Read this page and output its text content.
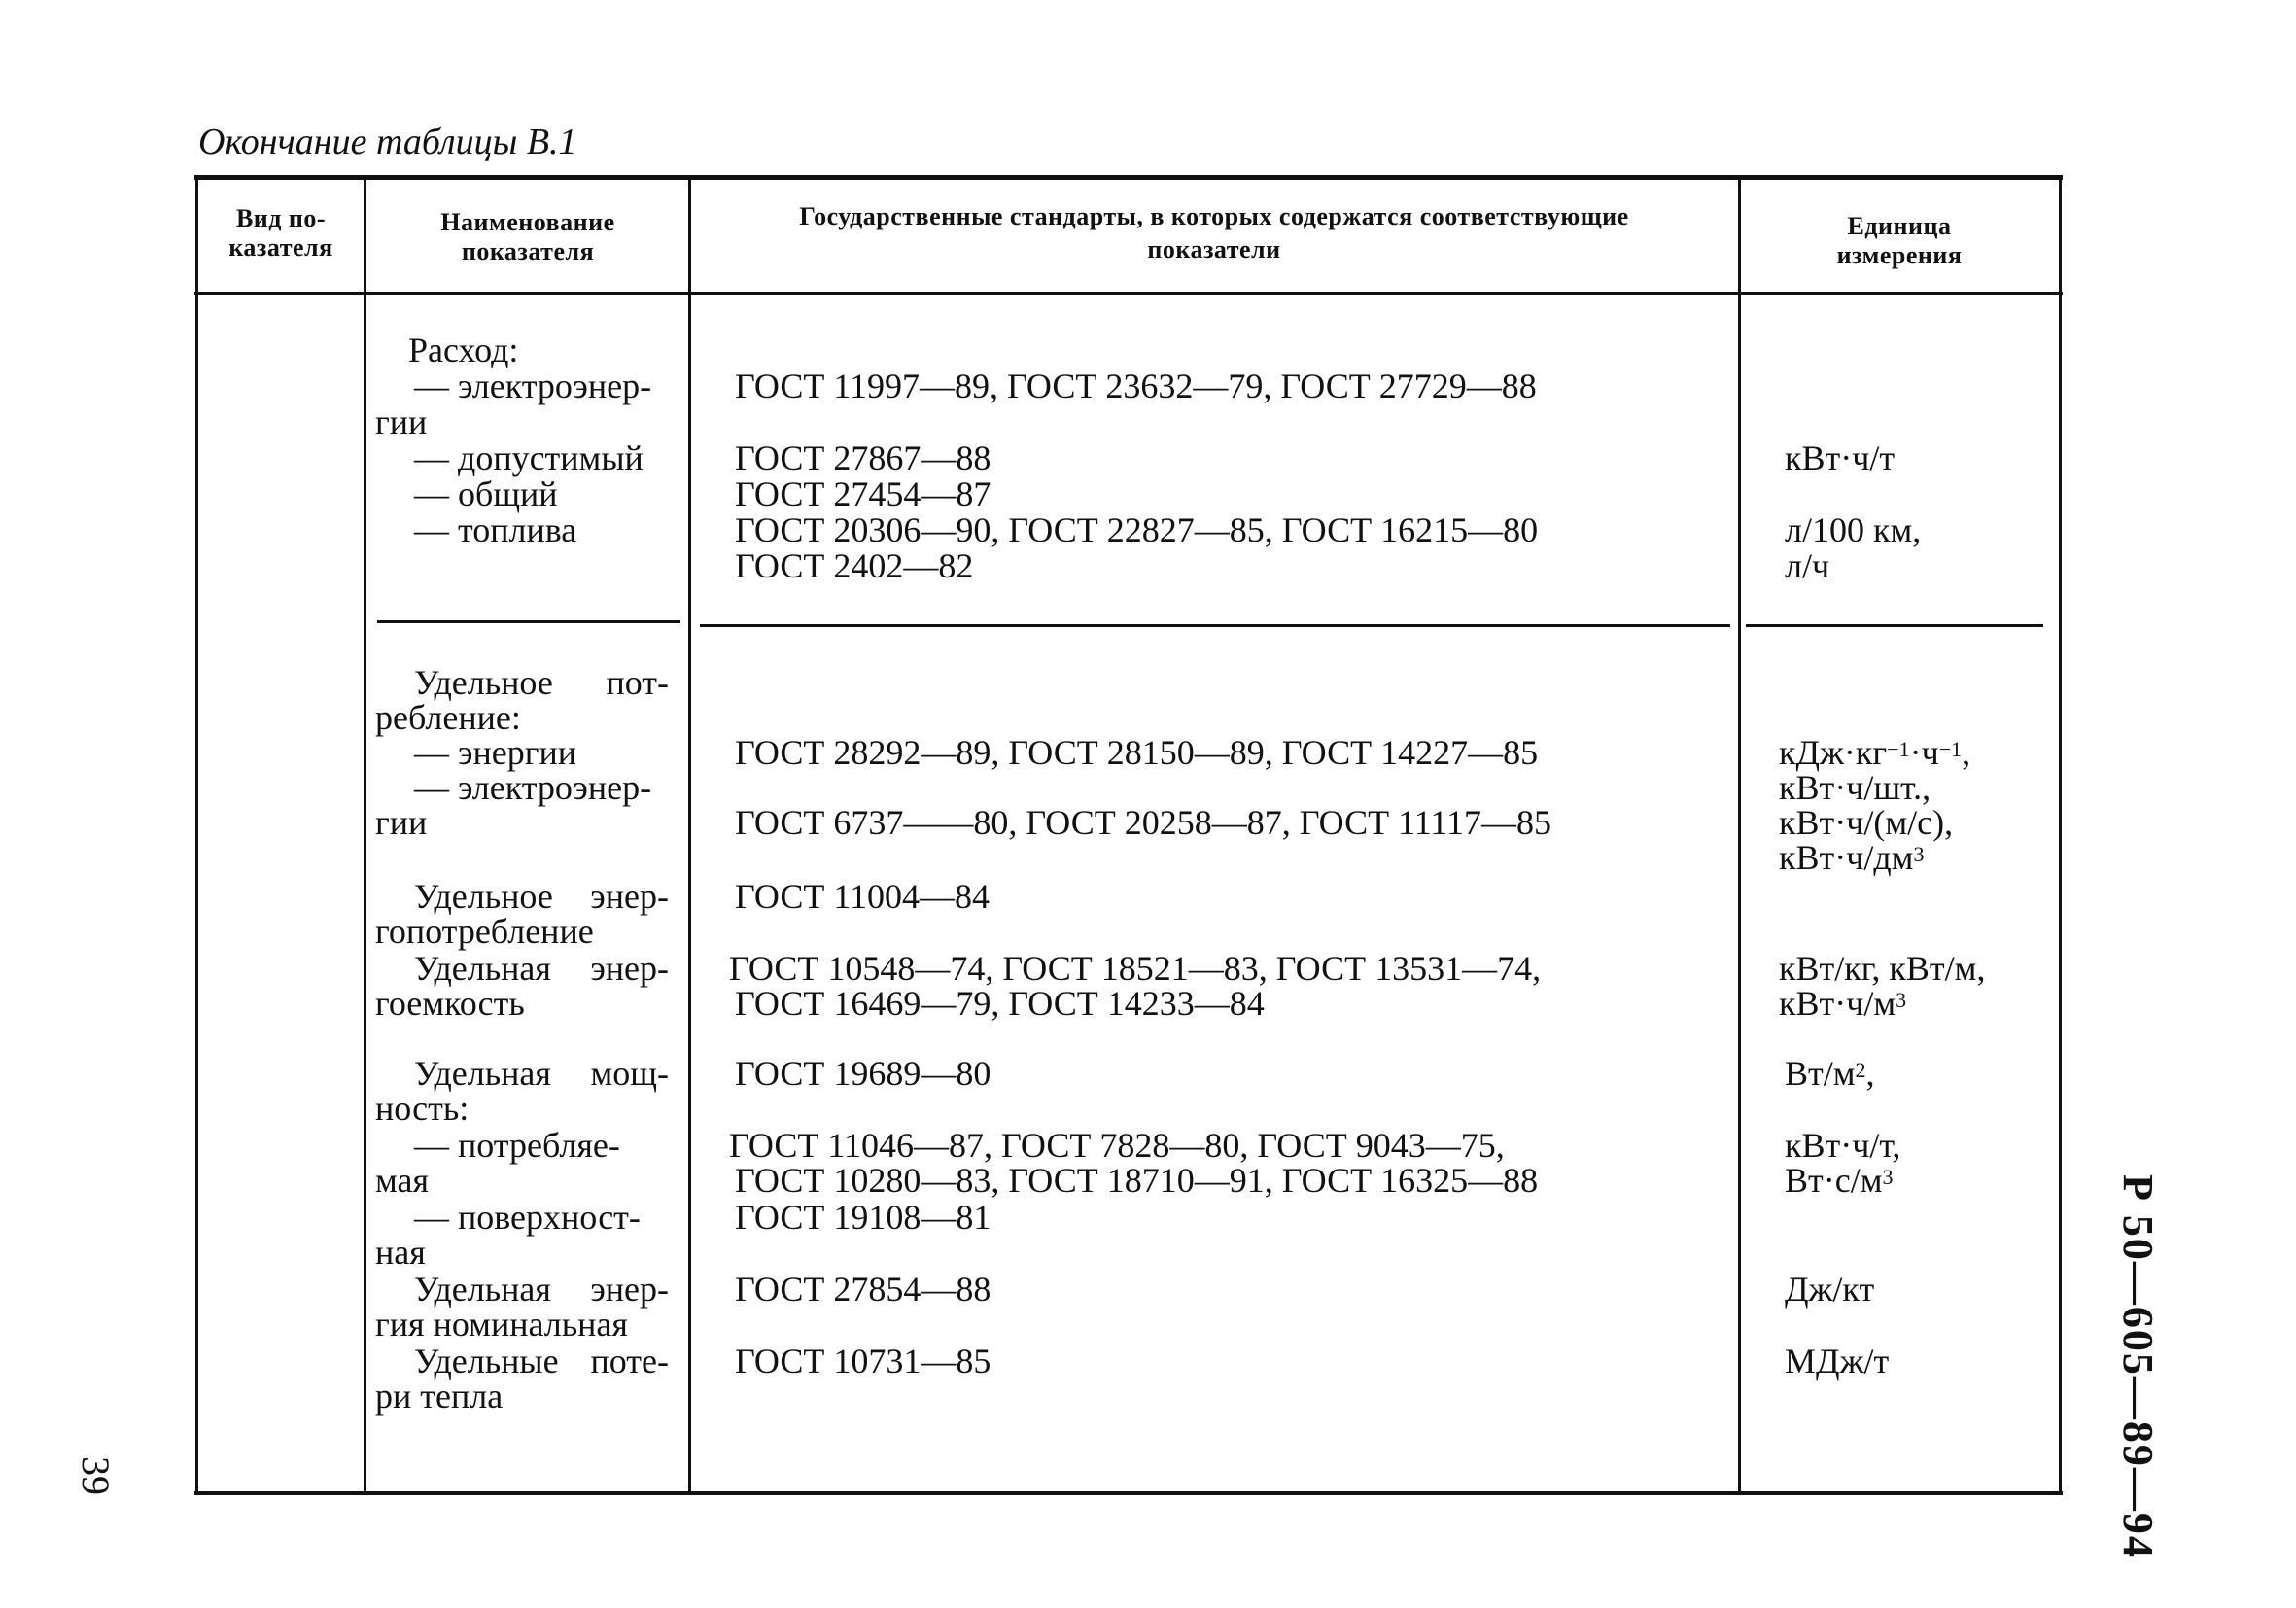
Окончание таблицы В.1
Вид по-
казателя
Наименование
показателя
Государственные стандарты, в которых содержатся соответствующие
показатели
Единица
измерения
Расход:
— электроэнер-
гии
— допустимый
— общий
— топлива
ГОСТ 11997—89, ГОСТ 23632—79, ГОСТ 27729—88
ГОСТ 27867—88
ГОСТ 27454—87
ГОСТ 20306—90, ГОСТ 22827—85, ГОСТ 16215—80
ГОСТ 2402—82
кВт·ч/т
л/100 км,
л/ч
Удельное пот-
ребление:
— энергии
— электроэнер-
гии
Удельное энер-
гопотребление
Удельная энер-
гоемкость
Удельная мощ-
ность:
— потребляе-
мая
— поверхност-
ная
Удельная энер-
гия номинальная
Удельные поте-
ри тепла
ГОСТ 28292—89, ГОСТ 28150—89, ГОСТ 14227—85
ГОСТ 6737——80, ГОСТ 20258—87, ГОСТ 11117—85
ГОСТ 11004—84
ГОСТ 10548—74, ГОСТ 18521—83, ГОСТ 13531—74,
ГОСТ 16469—79, ГОСТ 14233—84
ГОСТ 19689—80
ГОСТ 11046—87, ГОСТ 7828—80, ГОСТ 9043—75,
ГОСТ 10280—83, ГОСТ 18710—91, ГОСТ 16325—88
ГОСТ 19108—81
ГОСТ 27854—88
ГОСТ 10731—85
$кДж\cdot кг^{-1}\cdot ч^{-1}$,
кВт·ч/шт.,
кВт·ч/(м/с),
$кВт\cdot ч/дм^3$
кВт/кг, кВт/м,
$кВт\cdot ч/м^3$
$Вт/м^2$,
кВт·ч/т,
$Вт\cdot с/м^3$
Дж/кт
МДж/т
39	Р 50—605—89—94
